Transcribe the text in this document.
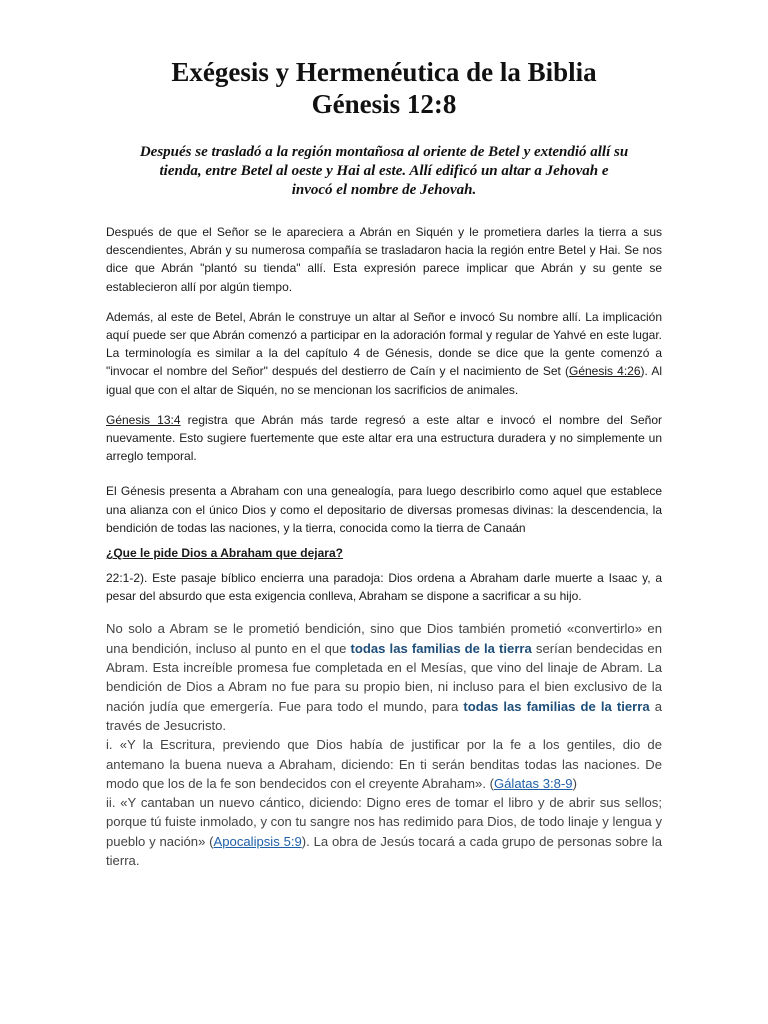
Exégesis y Hermenéutica de la Biblia
Génesis 12:8

Después se trasladó a la región montañosa al oriente de Betel y extendió allí su
tienda, entre Betel al oeste y Hai al este. Allí edificó un altar a Jehovah e
invocó el nombre de Jehovah.

Después de que el Señor se le apareciera a Abrán en Siquén y le prometiera darles la tierra a sus descendientes, Abrán y su numerosa compañía se trasladaron hacia la región entre Betel y Hai. Se nos dice que Abrán "plantó su tienda" allí. Esta expresión parece implicar que Abrán y su gente se establecieron allí por algún tiempo.

Además, al este de Betel, Abrán le construye un altar al Señor e invocó Su nombre allí. La implicación aquí puede ser que Abrán comenzó a participar en la adoración formal y regular de Yahvé en este lugar. La terminología es similar a la del capítulo 4 de Génesis, donde se dice que la gente comenzó a "invocar el nombre del Señor" después del destierro de Caín y el nacimiento de Set (Génesis 4:26). Al igual que con el altar de Siquén, no se mencionan los sacrificios de animales.

Génesis 13:4 registra que Abrán más tarde regresó a este altar e invocó el nombre del Señor nuevamente. Esto sugiere fuertemente que este altar era una estructura duradera y no simplemente un arreglo temporal.

El Génesis presenta a Abraham con una genealogía, para luego describirlo como aquel que establece una alianza con el único Dios y como el depositario de diversas promesas divinas: la descendencia, la bendición de todas las naciones, y la tierra, conocida como la tierra de Canaán

¿Que le pide Dios a Abraham que dejara?

22:1-2). Este pasaje bíblico encierra una paradoja: Dios ordena a Abraham darle muerte a Isaac y, a pesar del absurdo que esta exigencia conlleva, Abraham se dispone a sacrificar a su hijo.

No solo a Abram se le prometió bendición, sino que Dios también prometió «convertirlo» en una bendición, incluso al punto en el que todas las familias de la tierra serían bendecidas en Abram. Esta increíble promesa fue completada en el Mesías, que vino del linaje de Abram. La bendición de Dios a Abram no fue para su propio bien, ni incluso para el bien exclusivo de la nación judía que emergería. Fue para todo el mundo, para todas las familias de la tierra a través de Jesucristo.

i. «Y la Escritura, previendo que Dios había de justificar por la fe a los gentiles, dio de antemano la buena nueva a Abraham, diciendo: En ti serán benditas todas las naciones. De modo que los de la fe son bendecidos con el creyente Abraham». (Gálatas 3:8-9)

ii. «Y cantaban un nuevo cántico, diciendo: Digno eres de tomar el libro y de abrir sus sellos; porque tú fuiste inmolado, y con tu sangre nos has redimido para Dios, de todo linaje y lengua y pueblo y nación» (Apocalipsis 5:9). La obra de Jesús tocará a cada grupo de personas sobre la tierra.
